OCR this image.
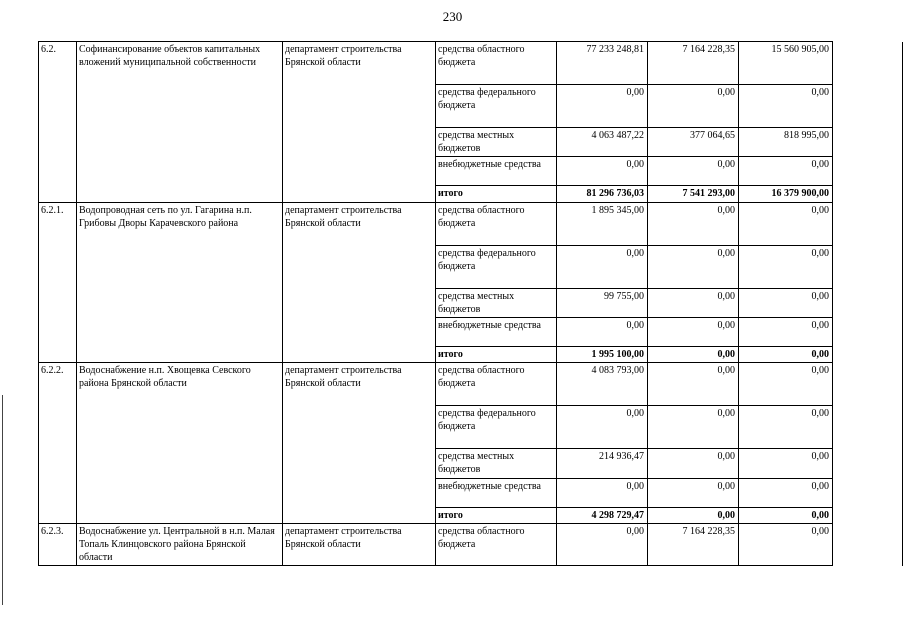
230
6.2.	Софинансирование объектов капитальных вложений муниципальной собственности	департамент строительства Брянской области	средства областного бюджета	77 233 248,81	7 164 228,35	15 560 905,00	
			средства федерального бюджета	0,00	0,00	0,00	
			средства местных бюджетов	4 063 487,22	377 064,65	818 995,00	
			внебюджетные средства	0,00	0,00	0,00	
			итого	81 296 736,03	7 541 293,00	16 379 900,00	
6.2.1.	Водопроводная сеть по ул. Гагарина н.п. Грибовы Дворы Карачевского района	департамент строительства Брянской области	средства областного бюджета	1 895 345,00	0,00	0,00	
			средства федерального бюджета	0,00	0,00	0,00	
			средства местных бюджетов	99 755,00	0,00	0,00	
			внебюджетные средства	0,00	0,00	0,00	
			итого	1 995 100,00	0,00	0,00	
6.2.2.	Водоснабжение н.п. Хвощевка Севского района Брянской области	департамент строительства Брянской области	средства областного бюджета	4 083 793,00	0,00	0,00	
			средства федерального бюджета	0,00	0,00	0,00	
			средства местных бюджетов	214 936,47	0,00	0,00	
			внебюджетные средства	0,00	0,00	0,00	
			итого	4 298 729,47	0,00	0,00	
6.2.3.	Водоснабжение ул. Центральной в н.п. Малая Топаль Клинцовского района Брянской области	департамент строительства Брянской области	средства областного бюджета	0,00	7 164 228,35	0,00	
